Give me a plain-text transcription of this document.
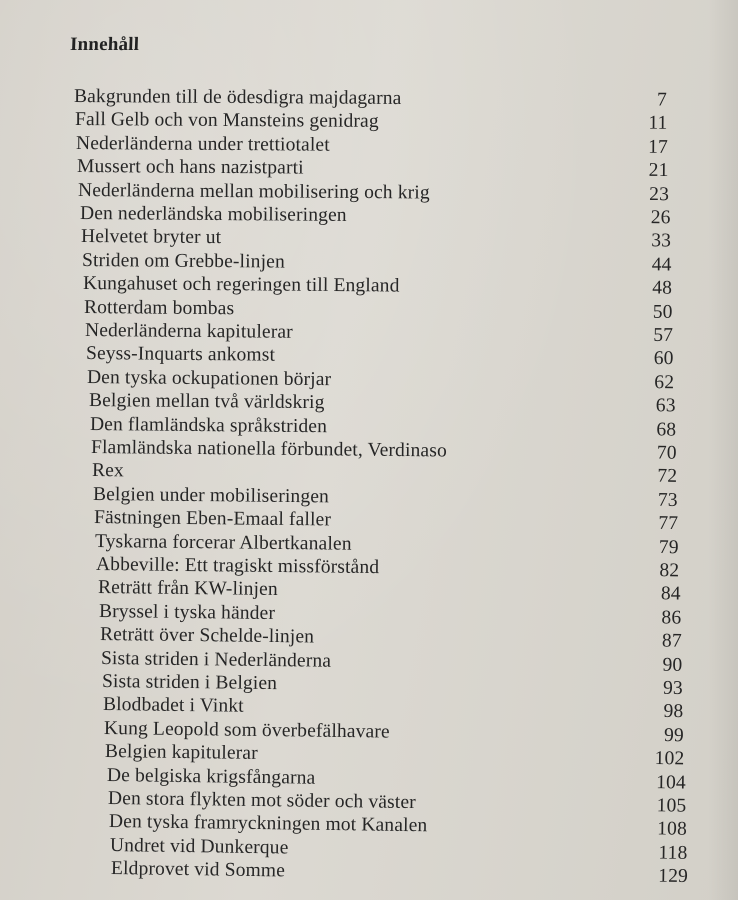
Innehåll
Bakgrunden till de ödesdigra majdagarna	7
Fall Gelb och von Mansteins genidrag	11
Nederländerna under trettiotalet	17
Mussert och hans nazistparti	21
Nederländerna mellan mobilisering och krig	23
Den nederländska mobiliseringen	26
Helvetet bryter ut	33
Striden om Grebbe-linjen	44
Kungahuset och regeringen till England	48
Rotterdam bombas	50
Nederländerna kapitulerar	57
Seyss-Inquarts ankomst	60
Den tyska ockupationen börjar	62
Belgien mellan två världskrig	63
Den flamländska språkstriden	68
Flamländska nationella förbundet, Verdinaso	70
Rex	72
Belgien under mobiliseringen	73
Fästningen Eben-Emaal faller	77
Tyskarna forcerar Albertkanalen	79
Abbeville: Ett tragiskt missförstånd	82
Reträtt från KW-linjen	84
Bryssel i tyska händer	86
Reträtt över Schelde-linjen	87
Sista striden i Nederländerna	90
Sista striden i Belgien	93
Blodbadet i Vinkt	98
Kung Leopold som överbefälhavare	99
Belgien kapitulerar	102
De belgiska krigsfångarna	104
Den stora flykten mot söder och väster	105
Den tyska framryckningen mot Kanalen	108
Undret vid Dunkerque	118
Eldprovet vid Somme	129
